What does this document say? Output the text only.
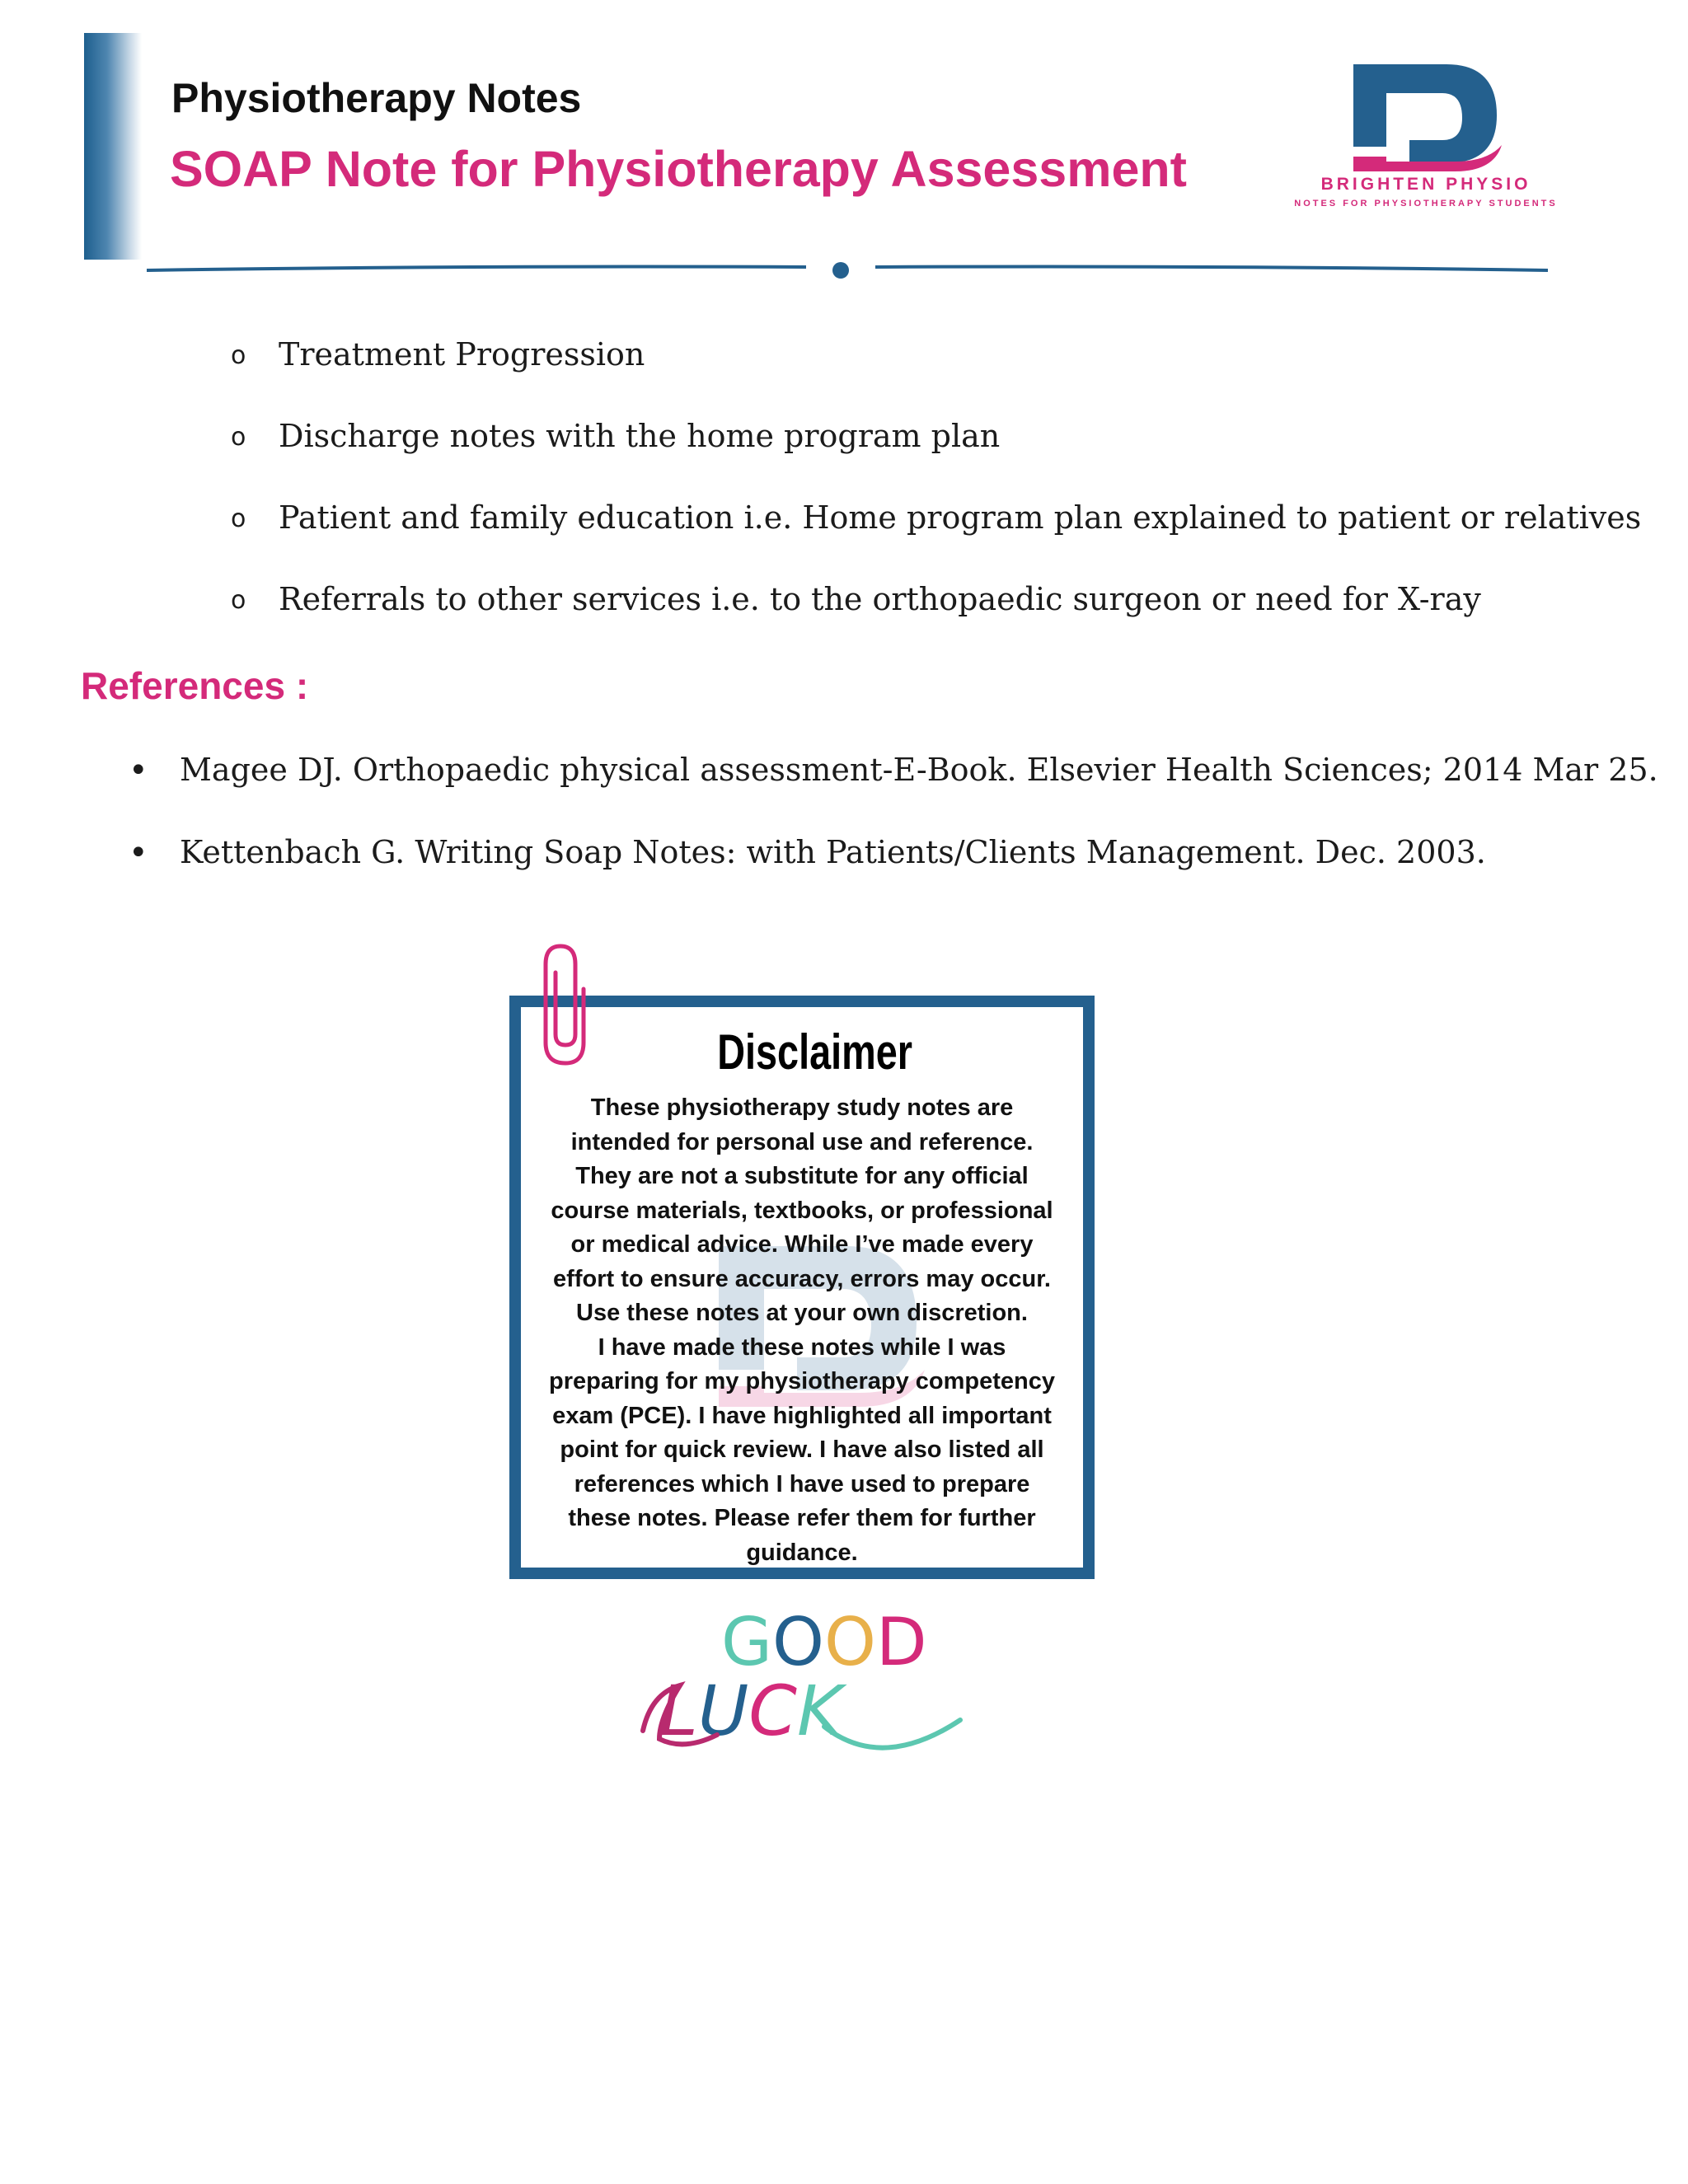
Physiotherapy Notes
SOAP Note for Physiotherapy Assessment	BRIGHTEN PHYSIO
NOTES FOR PHYSIOTHERAPY STUDENTS
o Treatment Progression
o Discharge notes with the home program plan
o Patient and family education i.e. Home program plan explained to patient or relatives
o Referrals to other services i.e. to the orthopaedic surgeon or need for X-ray
References :
• Magee DJ. Orthopaedic physical assessment-E-Book. Elsevier Health Sciences; 2014 Mar 25.
• Kettenbach G. Writing Soap Notes: with Patients/Clients Management. Dec. 2003.
Disclaimer
These physiotherapy study notes are
intended for personal use and reference.
They are not a substitute for any official
course materials, textbooks, or professional
or medical advice. While I’ve made every
effort to ensure accuracy, errors may occur.
Use these notes at your own discretion.
I have made these notes while I was
preparing for my physiotherapy competency
exam (PCE). I have highlighted all important
point for quick review. I have also listed all
references which I have used to prepare
these notes. Please refer them for further
guidance.
GOOD
LUCK
